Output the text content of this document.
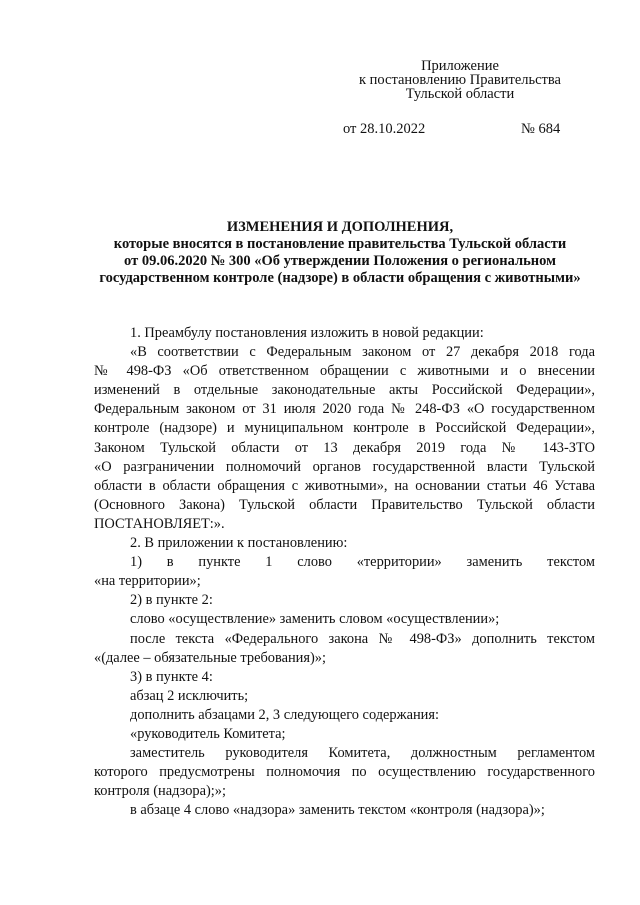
Приложение
к постановлению Правительства
Тульской области
от 28.10.2022	№ 684
ИЗМЕНЕНИЯ И ДОПОЛНЕНИЯ,
которые вносятся в постановление правительства Тульской области
от 09.06.2020 № 300 «Об утверждении Положения о региональном
государственном контроле (надзоре) в области обращения с животными»
1. Преамбулу постановления изложить в новой редакции:
«В соответствии с Федеральным законом от 27 декабря 2018 года
№ 498-ФЗ «Об ответственном обращении с животными и о внесении
изменений в отдельные законодательные акты Российской Федерации»,
Федеральным законом от 31 июля 2020 года № 248-ФЗ «О государственном
контроле (надзоре) и муниципальном контроле в Российской Федерации»,
Законом Тульской области от 13 декабря 2019 года № 143-ЗТО
«О разграничении полномочий органов государственной власти Тульской
области в области обращения с животными», на основании статьи 46 Устава
(Основного Закона) Тульской области Правительство Тульской области
ПОСТАНОВЛЯЕТ:».
2. В приложении к постановлению:
1) в пункте 1 слово «территории» заменить текстом
«на территории»;
2) в пункте 2:
слово «осуществление» заменить словом «осуществлении»;
после текста «Федерального закона № 498-ФЗ» дополнить текстом
«(далее – обязательные требования)»;
3) в пункте 4:
абзац 2 исключить;
дополнить абзацами 2, 3 следующего содержания:
«руководитель Комитета;
заместитель руководителя Комитета, должностным регламентом
которого предусмотрены полномочия по осуществлению государственного
контроля (надзора);»;
в абзаце 4 слово «надзора» заменить текстом «контроля (надзора)»;
